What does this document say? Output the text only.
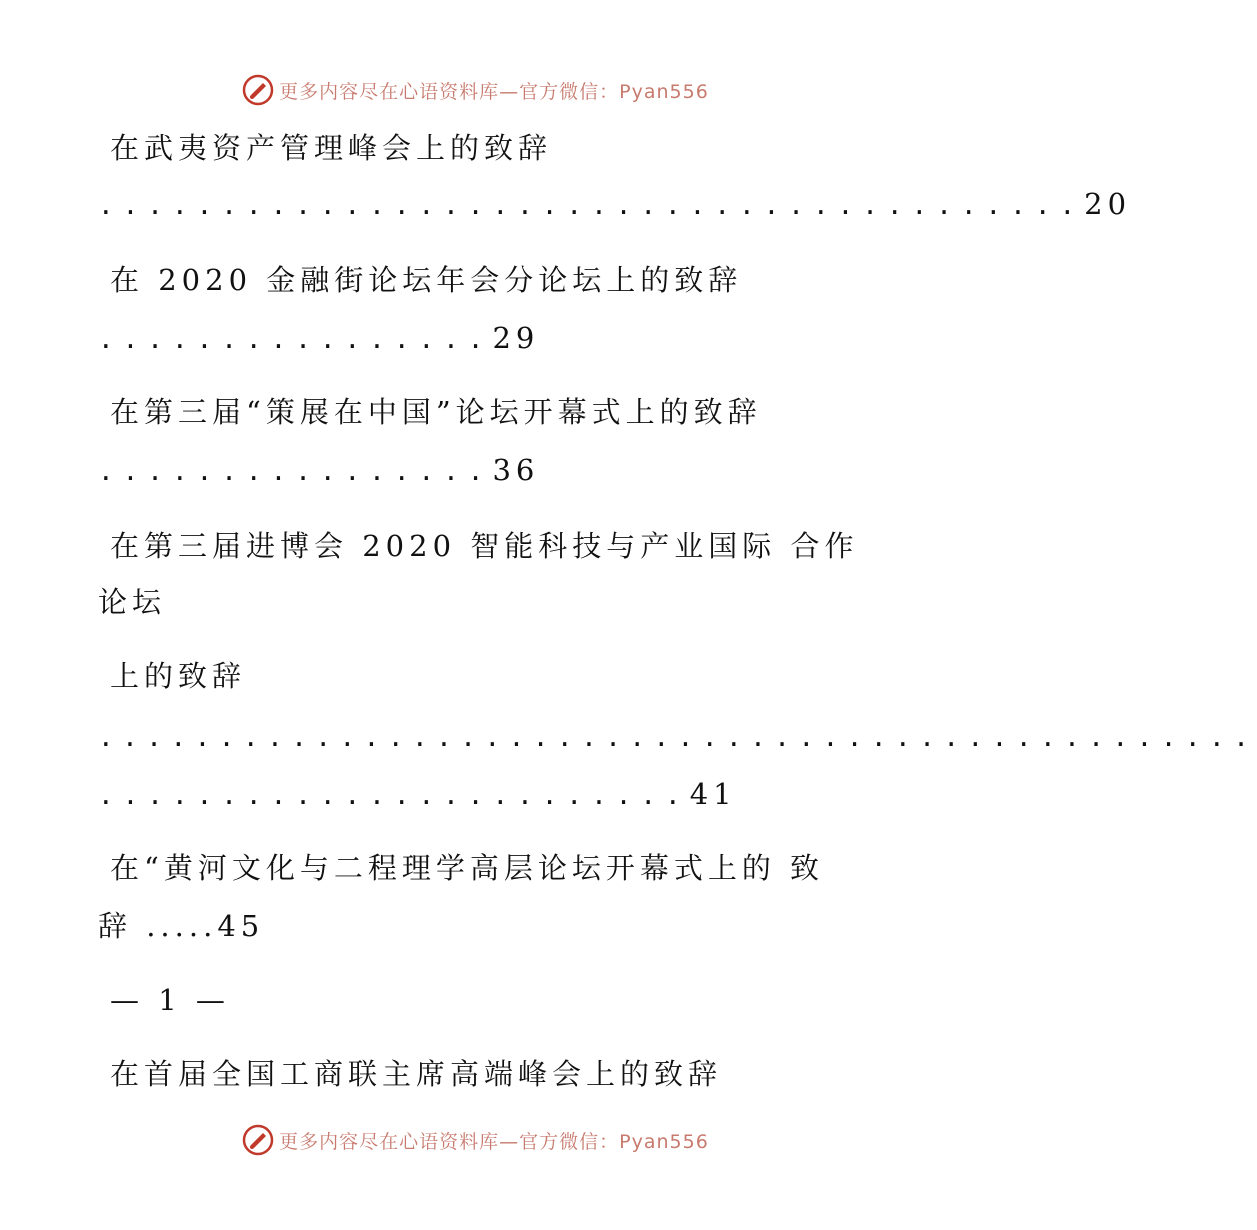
更多内容尽在心语资料库—官方微信：Pyan556
在武夷资产管理峰会上的致辞
........................................20
在 2020 金融街论坛年会分论坛上的致辞
................29
在第三届“策展在中国”论坛开幕式上的致辞
................36
在第三届进博会 2020 智能科技与产业国际 合作
论坛
上的致辞
................................................
........................41
在“黄河文化与二程理学高层论坛开幕式上的 致
辞 .....45
— 1 —
在首届全国工商联主席高端峰会上的致辞
更多内容尽在心语资料库—官方微信：Pyan556
